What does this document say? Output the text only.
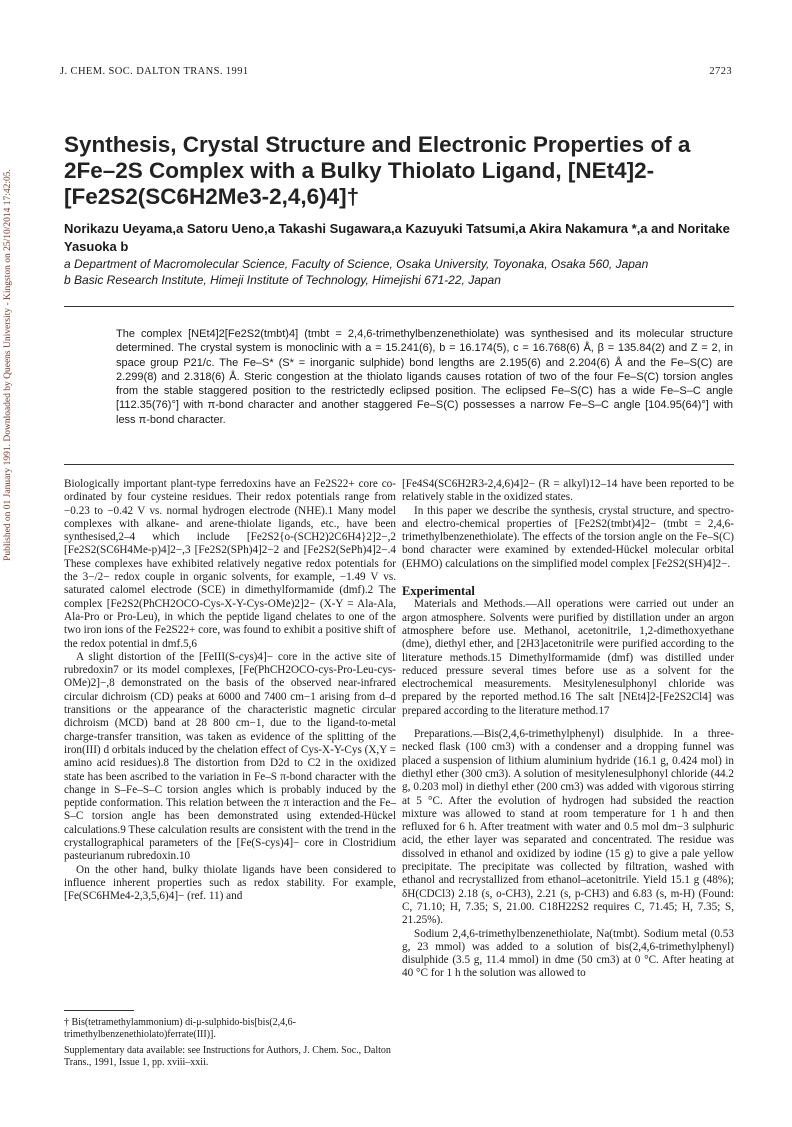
Published on 01 January 1991. Downloaded by Queens University - Kingston on 25/10/2014 17:42:05.
J. CHEM. SOC. DALTON TRANS. 1991	2723
Synthesis, Crystal Structure and Electronic Properties of a 2Fe–2S Complex with a Bulky Thiolato Ligand, [NEt4]2-[Fe2S2(SC6H2Me3-2,4,6)4]†
Norikazu Ueyama,a Satoru Ueno,a Takashi Sugawara,a Kazuyuki Tatsumi,a Akira Nakamura *,a and Noritake Yasuoka b
a Department of Macromolecular Science, Faculty of Science, Osaka University, Toyonaka, Osaka 560, Japan
b Basic Research Institute, Himeji Institute of Technology, Himejishi 671-22, Japan
The complex [NEt4]2[Fe2S2(tmbt)4] (tmbt = 2,4,6-trimethylbenzenethiolate) was synthesised and its molecular structure determined. The crystal system is monoclinic with a = 15.241(6), b = 16.174(5), c = 16.768(6) Å, β = 135.84(2) and Z = 2, in space group P21/c. The Fe–S* (S* = inorganic sulphide) bond lengths are 2.195(6) and 2.204(6) Å and the Fe–S(C) are 2.299(8) and 2.318(6) Å. Steric congestion at the thiolato ligands causes rotation of two of the four Fe–S(C) torsion angles from the stable staggered position to the restrictedly eclipsed position. The eclipsed Fe–S(C) has a wide Fe–S–C angle [112.35(76)°] with π-bond character and another staggered Fe–S(C) possesses a narrow Fe–S–C angle [104.95(64)°] with less π-bond character.

Biologically important plant-type ferredoxins have an Fe2S22+ core co-ordinated by four cysteine residues. Their redox potentials range from −0.23 to −0.42 V vs. normal hydrogen electrode (NHE).1 Many model complexes with alkane- and arene-thiolate ligands, etc., have been synthesised,2–4 which include [Fe2S2{o-(SCH2)2C6H4}2]2−,2 [Fe2S2(SC6H4Me-p)4]2−,3 [Fe2S2(SPh)4]2−2 and [Fe2S2(SePh)4]2−.4 These complexes have exhibited relatively negative redox potentials for the 3−/2− redox couple in organic solvents, for example, −1.49 V vs. saturated calomel electrode (SCE) in dimethylformamide (dmf).2 The complex [Fe2S2(PhCH2OCO-Cys-X-Y-Cys-OMe)2]2− (X-Y = Ala-Ala, Ala-Pro or Pro-Leu), in which the peptide ligand chelates to one of the two iron ions of the Fe2S22+ core, was found to exhibit a positive shift of the redox potential in dmf.5,6

A slight distortion of the [FeIII(S-cys)4]− core in the active site of rubredoxin7 or its model complexes, [Fe(PhCH2OCO-cys-Pro-Leu-cys-OMe)2]−,8 demonstrated on the basis of the observed near-infrared circular dichroism (CD) peaks at 6000 and 7400 cm−1 arising from d–d transitions or the appearance of the characteristic magnetic circular dichroism (MCD) band at 28 800 cm−1, due to the ligand-to-metal charge-transfer transition, was taken as evidence of the splitting of the iron(III) d orbitals induced by the chelation effect of Cys-X-Y-Cys (X,Y = amino acid residues).8 The distortion from D2d to C2 in the oxidized state has been ascribed to the variation in Fe–S π-bond character with the change in S–Fe–S–C torsion angles which is probably induced by the peptide conformation. This relation between the π interaction and the Fe–S–C torsion angle has been demonstrated using extended-Hückel calculations.9 These calculation results are consistent with the trend in the crystallographical parameters of the [Fe(S-cys)4]− core in Clostridium pasteurianum rubredoxin.10

On the other hand, bulky thiolate ligands have been considered to influence inherent properties such as redox stability. For example, [Fe(SC6HMe4-2,3,5,6)4]− (ref. 11) and

† Bis(tetramethylammonium) di-μ-sulphido-bis[bis(2,4,6-trimethylbenzenethiolato)ferrate(III)].

Supplementary data available: see Instructions for Authors, J. Chem. Soc., Dalton Trans., 1991, Issue 1, pp. xviii–xxii.

[Fe4S4(SC6H2R3-2,4,6)4]2− (R = alkyl)12–14 have been reported to be relatively stable in the oxidized states.

In this paper we describe the synthesis, crystal structure, and spectro- and electro-chemical properties of [Fe2S2(tmbt)4]2− (tmbt = 2,4,6-trimethylbenzenethiolate). The effects of the torsion angle on the Fe–S(C) bond character were examined by extended-Hückel molecular orbital (EHMO) calculations on the simplified model complex [Fe2S2(SH)4]2−.

Experimental

Materials and Methods.—All operations were carried out under an argon atmosphere. Solvents were purified by distillation under an argon atmosphere before use. Methanol, acetonitrile, 1,2-dimethoxyethane (dme), diethyl ether, and [2H3]acetonitrile were purified according to the literature methods.15 Dimethylformamide (dmf) was distilled under reduced pressure several times before use as a solvent for the electrochemical measurements. Mesitylenesulphonyl chloride was prepared by the reported method.16 The salt [NEt4]2-[Fe2S2Cl4] was prepared according to the literature method.17

Preparations.—Bis(2,4,6-trimethylphenyl) disulphide. In a three-necked flask (100 cm3) with a condenser and a dropping funnel was placed a suspension of lithium aluminium hydride (16.1 g, 0.424 mol) in diethyl ether (300 cm3). A solution of mesitylenesulphonyl chloride (44.2 g, 0.203 mol) in diethyl ether (200 cm3) was added with vigorous stirring at 5 °C. After the evolution of hydrogen had subsided the reaction mixture was allowed to stand at room temperature for 1 h and then refluxed for 6 h. After treatment with water and 0.5 mol dm−3 sulphuric acid, the ether layer was separated and concentrated. The residue was dissolved in ethanol and oxidized by iodine (15 g) to give a pale yellow precipitate. The precipitate was collected by filtration, washed with ethanol and recrystallized from ethanol–acetonitrile. Yield 15.1 g (48%); δH(CDCl3) 2.18 (s, o-CH3), 2.21 (s, p-CH3) and 6.83 (s, m-H) (Found: C, 71.10; H, 7.35; S, 21.00. C18H22S2 requires C, 71.45; H, 7.35; S, 21.25%).

Sodium 2,4,6-trimethylbenzenethiolate, Na(tmbt). Sodium metal (0.53 g, 23 mmol) was added to a solution of bis(2,4,6-trimethylphenyl) disulphide (3.5 g, 11.4 mmol) in dme (50 cm3) at 0 °C. After heating at 40 °C for 1 h the solution was allowed to
